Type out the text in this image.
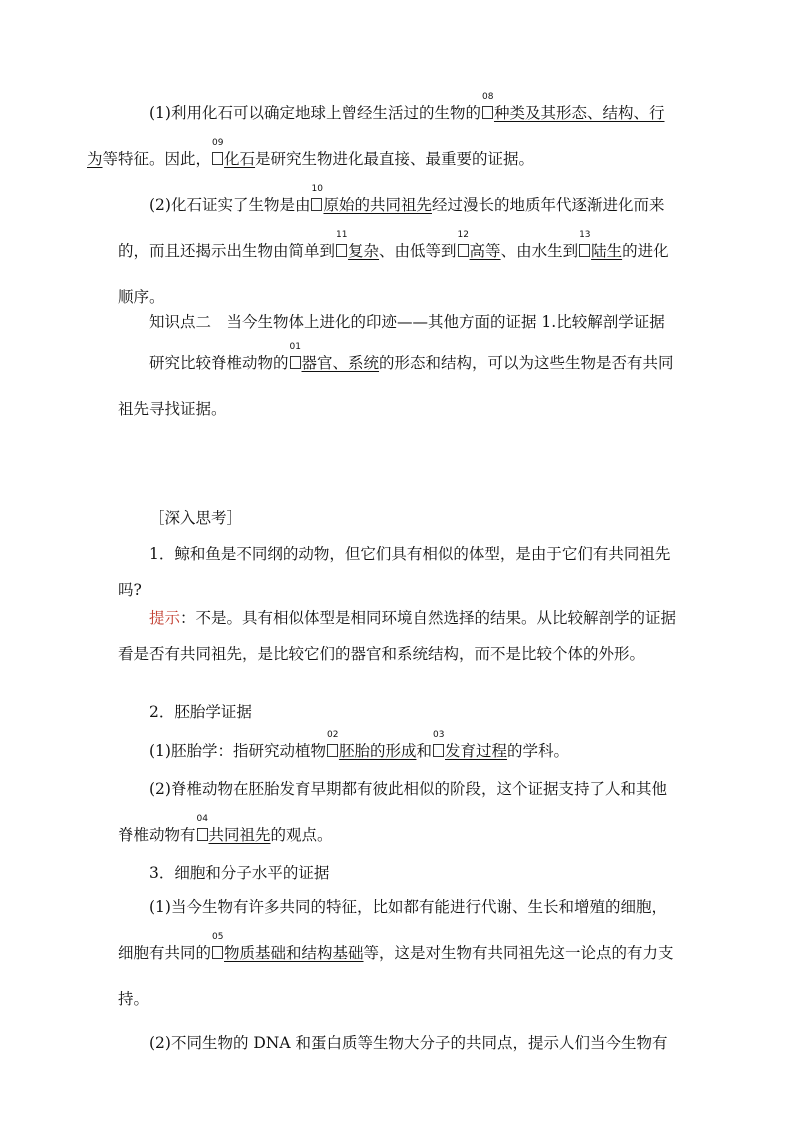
(1)利用化石可以确定地球上曾经生活过的生物的
08
种类及其形态、结构、行
为等特征。因此，
09
化石是研究生物进化最直接、最重要的证据。

(2)化石证实了生物是由
10
原始的共同祖先经过漫长的地质年代逐渐进化而来的，而且还揭示出生物由简单到
11
复杂、由低等到
12
高等、由水生到
13
陆生的进化顺序。

知识点二　当今生物体上进化的印迹——其他方面的证据 1.比较解剖学证据

研究比较脊椎动物的
01
器官、系统的形态和结构，可以为这些生物是否有共同祖先寻找证据。

［深入思考］

1．鲸和鱼是不同纲的动物，但它们具有相似的体型，是由于它们有共同祖先吗?

提示：不是。具有相似体型是相同环境自然选择的结果。从比较解剖学的证据看是否有共同祖先，是比较它们的器官和系统结构，而不是比较个体的外形。

2．胚胎学证据

(1)胚胎学：指研究动植物
02
胚胎的形成和
03
发育过程的学科。

(2)脊椎动物在胚胎发育早期都有彼此相似的阶段，这个证据支持了人和其他脊椎动物有
04
共同祖先的观点。

3．细胞和分子水平的证据

(1)当今生物有许多共同的特征，比如都有能进行代谢、生长和增殖的细胞，细胞有共同的
05
物质基础和结构基础等，这是对生物有共同祖先这一论点的有力支持。

(2)不同生物的 DNA 和蛋白质等生物大分子的共同点，提示人们当今生物有
